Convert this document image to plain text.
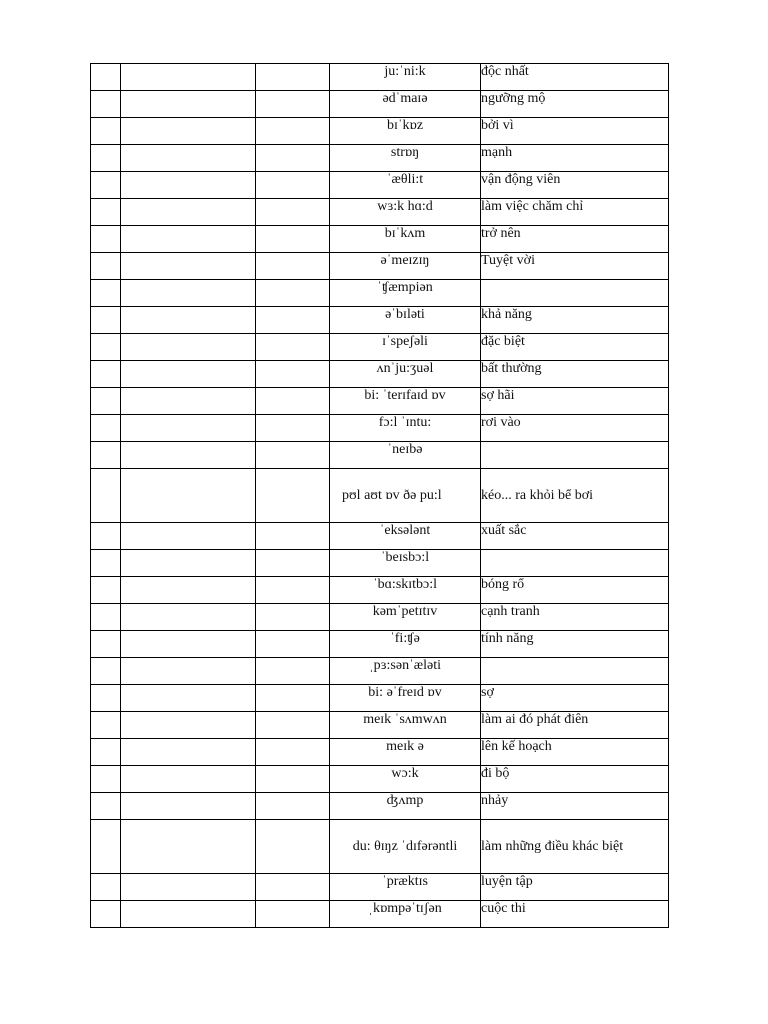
			ju:ˈni:k	độc nhất
			ədˈmaɪə	ngưỡng mộ
			bɪˈkɒz	bởi vì
			strɒŋ	mạnh
			ˈæθli:t	vận động viên
			wɜ:k hɑ:d	làm việc chăm chỉ
			bɪˈkʌm	trở nên
			əˈmeɪzɪŋ	Tuyệt vời
			ˈʧæmpiən	
			əˈbɪləti	khả năng
			ɪˈspeʃəli	đặc biệt
			ʌnˈju:ʒuəl	bất thường
			bi: ˈterɪfaɪd ɒv	sợ hãi
			fɔ:l ˈɪntu:	rơi vào
			ˈneɪbə	
			pʊl aʊt ɒv ðə pu:l	kéo... ra khỏi bể bơi
			ˈeksələnt	xuất sắc
			ˈbeɪsbɔ:l	
			ˈbɑ:skɪtbɔ:l	bóng rổ
			kəmˈpetɪtɪv	cạnh tranh
			ˈfi:ʧə	tính năng
			ˌpɜ:sənˈæləti	
			bi: əˈfreɪd ɒv	sợ
			meɪk ˈsʌmwʌn	làm ai đó phát điên
			meɪk ə	lên kế hoạch
			wɔ:k	đi bộ
			ʤʌmp	nhảy
			du: θɪŋz ˈdɪfərəntli	làm những điều khác biệt
			ˈpræktɪs	luyện tập
			ˌkɒmpəˈtɪʃən	cuộc thi
